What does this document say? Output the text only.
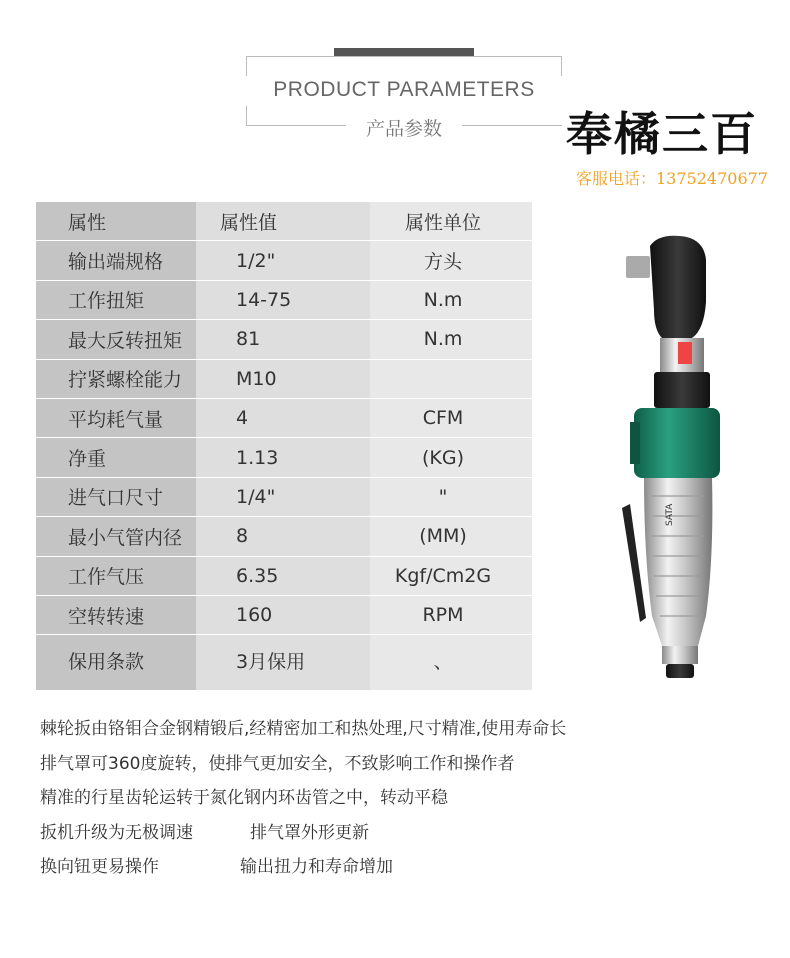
PRODUCT PARAMETERS
产品参数	奉橘三百
客服电话：13752470677
属性	属性值	属性单位
输出端规格	1/2"	方头
工作扭矩	14-75	N.m
最大反转扭矩	81	N.m
拧紧螺栓能力	M10
平均耗气量	4	CFM
净重	1.13	(KG)
进气口尺寸	1/4"	"
最小气管内径	8	(MM)
工作气压	6.35	Kgf/Cm2G
空转转速	160	RPM
保用条款	3月保用	、
SATA
棘轮扳由铬钼合金钢精锻后,经精密加工和热处理,尺寸精准,使用寿命长
排气罩可360度旋转，使排气更加安全，不致影响工作和操作者
精准的行星齿轮运转于氮化钢内环齿管之中，转动平稳
扳机升级为无极调速	排气罩外形更新
换向钮更易操作	输出扭力和寿命增加
